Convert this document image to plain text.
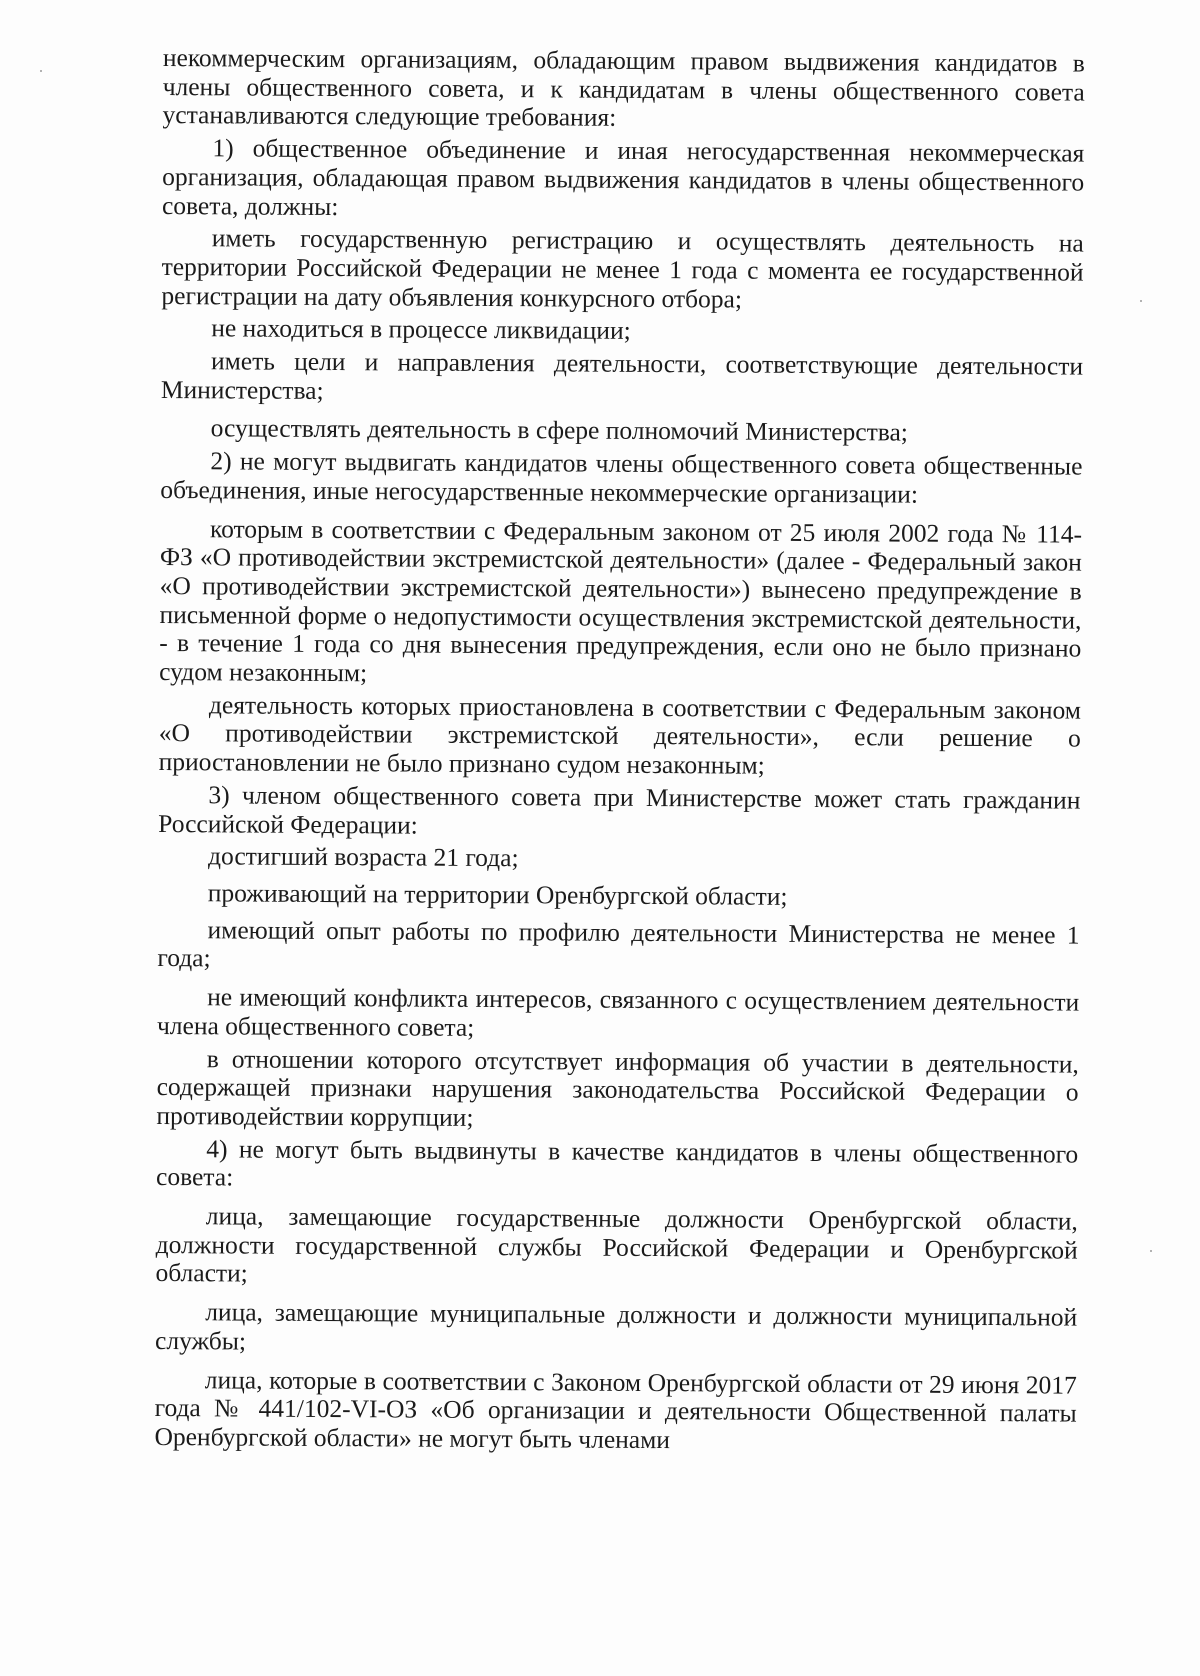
некоммерческим организациям, обладающим правом выдвижения кандидатов в члены общественного совета, и к кандидатам в члены общественного совета устанавливаются следующие требования:

1) общественное объединение и иная негосударственная некоммерческая организация, обладающая правом выдвижения кандидатов в члены общественного совета, должны:

иметь государственную регистрацию и осуществлять деятельность на территории Российской Федерации не менее 1 года с момента ее государственной регистрации на дату объявления конкурсного отбора;

не находиться в процессе ликвидации;

иметь цели и направления деятельности, соответствующие деятельности Министерства;

осуществлять деятельность в сфере полномочий Министерства;

2) не могут выдвигать кандидатов члены общественного совета общественные объединения, иные негосударственные некоммерческие организации:

которым в соответствии с Федеральным законом от 25 июля 2002 года № 114-ФЗ «О противодействии экстремистской деятельности» (далее - Федеральный закон «О противодействии экстремистской деятельности») вынесено предупреждение в письменной форме о недопустимости осуществления экстремистской деятельности, - в течение 1 года со дня вынесения предупреждения, если оно не было признано судом незаконным;

деятельность которых приостановлена в соответствии с Федеральным законом «О противодействии экстремистской деятельности», если решение о приостановлении не было признано судом незаконным;

3) членом общественного совета при Министерстве может стать гражданин Российской Федерации:

достигший возраста 21 года;

проживающий на территории Оренбургской области;

имеющий опыт работы по профилю деятельности Министерства не менее 1 года;

не имеющий конфликта интересов, связанного с осуществлением деятельности члена общественного совета;

в отношении которого отсутствует информация об участии в деятельности, содержащей признаки нарушения законодательства Российской Федерации о противодействии коррупции;

4) не могут быть выдвинуты в качестве кандидатов в члены общественного совета:

лица, замещающие государственные должности Оренбургской области, должности государственной службы Российской Федерации и Оренбургской области;

лица, замещающие муниципальные должности и должности муниципальной службы;

лица, которые в соответствии с Законом Оренбургской области от 29 июня 2017 года № 441/102-VI-ОЗ «Об организации и деятельности Общественной палаты Оренбургской области» не могут быть членами
